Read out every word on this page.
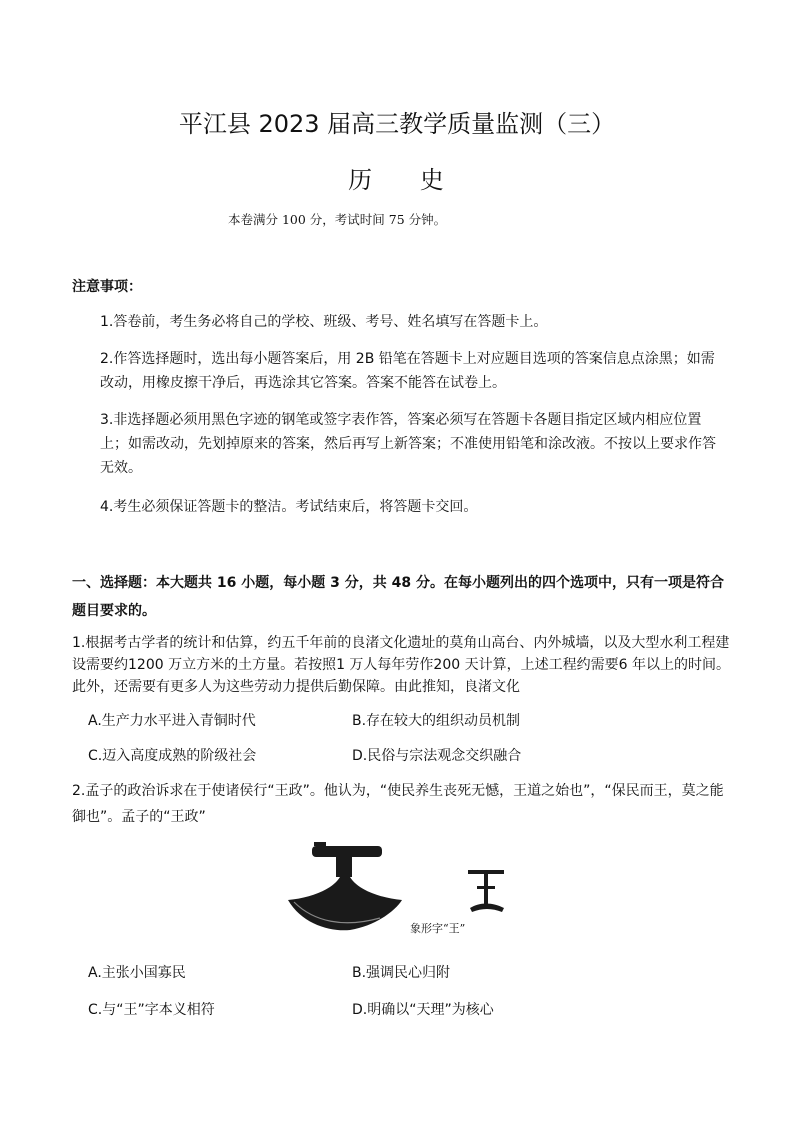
平江县 2023 届高三教学质量监测（三）
历 史
本卷满分 100 分，考试时间 75 分钟。
注意事项：
1.答卷前，考生务必将自己的学校、班级、考号、姓名填写在答题卡上。
2.作答选择题时，选出每小题答案后，用 2B 铅笔在答题卡上对应题目选项的答案信息点涂黑；如需改动，用橡皮擦干净后，再选涂其它答案。答案不能答在试卷上。
3.非选择题必须用黑色字迹的钢笔或签字表作答，答案必须写在答题卡各题目指定区域内相应位置上；如需改动，先划掉原来的答案，然后再写上新答案；不准使用铅笔和涂改液。不按以上要求作答无效。
4.考生必须保证答题卡的整洁。考试结束后，将答题卡交回。
一、选择题：本大题共 16 小题，每小题 3 分，共 48 分。在每小题列出的四个选项中，只有一项是符合题目要求的。
1.根据考古学者的统计和估算，约五千年前的良渚文化遗址的莫角山高台、内外城墙，以及大型水利工程建设需要约1200 万立方米的土方量。若按照1 万人每年劳作200 天计算，上述工程约需要6 年以上的时间。此外，还需要有更多人为这些劳动力提供后勤保障。由此推知，良渚文化
A.生产力水平进入青铜时代	B.存在较大的组织动员机制
C.迈入高度成熟的阶级社会	D.民俗与宗法观念交织融合
2.孟子的政治诉求在于使诸侯行“王政”。他认为，“使民养生丧死无憾，王道之始也”，“保民而王，莫之能御也”。孟子的“王政”
象形字“王”
A.主张小国寡民	B.强调民心归附
C.与“王”字本义相符	D.明确以“天理”为核心
